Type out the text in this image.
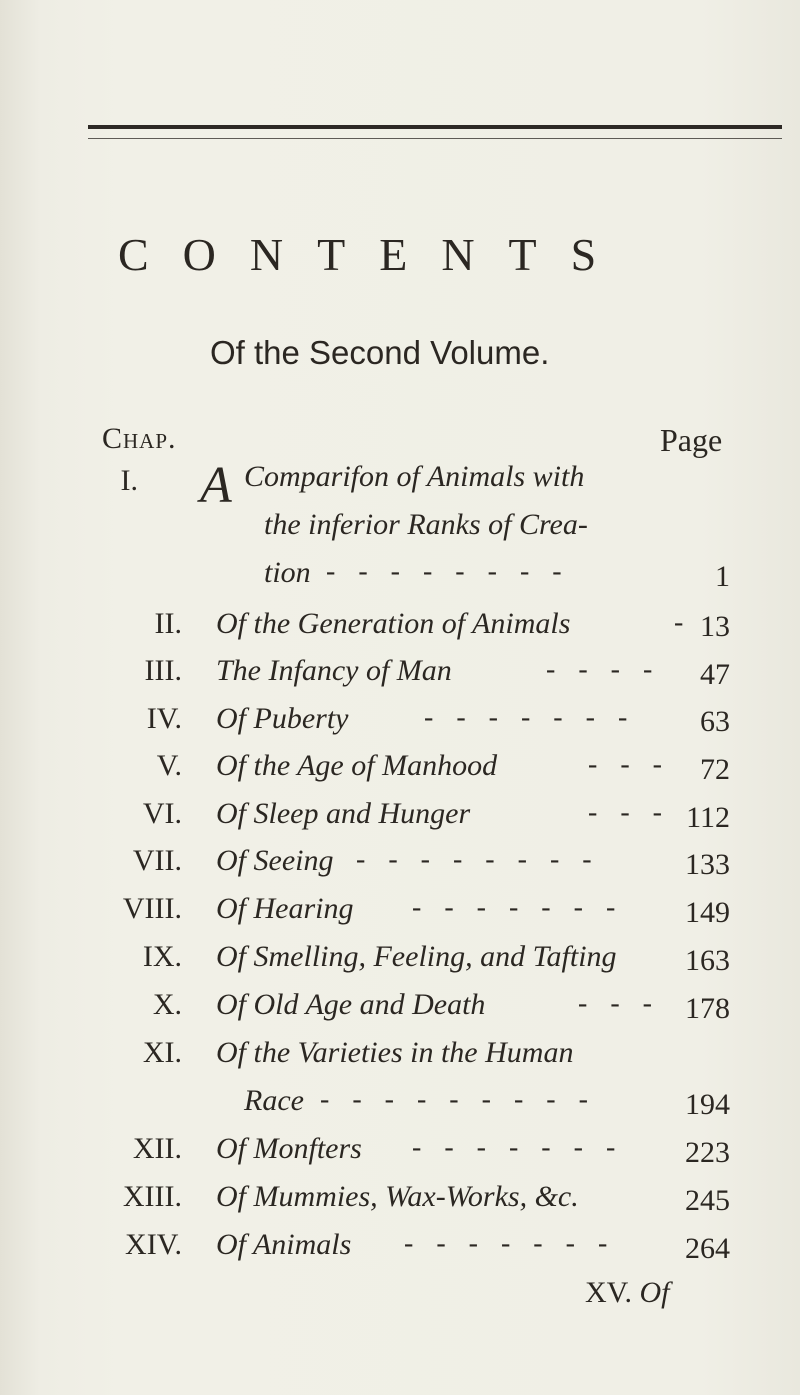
CONTENTS
Of the Second Volume.
Chap.	Page
I. A Comparifon of Animals with
the inferior Ranks of Crea-
tion - - - - - - - -	1
II. Of the Generation of Animals	- 13
III. The Infancy of Man	- - - -	47
IV. Of Puberty	- - - - - - -	63
V. Of the Age of Manhood	- - -	72
VI. Of Sleep and Hunger	- - - 112
VII. Of Seeing - - - - - - - -	133
VIII. Of Hearing - - - - - - -	149
IX. Of Smelling, Feeling, and Tafting	163
X. Of Old Age and Death	- - - 178
XI. Of the Varieties in the Human
Race - - - - - - - - -	194
XII. Of Monfters - - - - - - -	223
XIII. Of Mummies, Wax-Works, &c.	245
XIV. Of Animals - - - - - - -	264
XV. Of
